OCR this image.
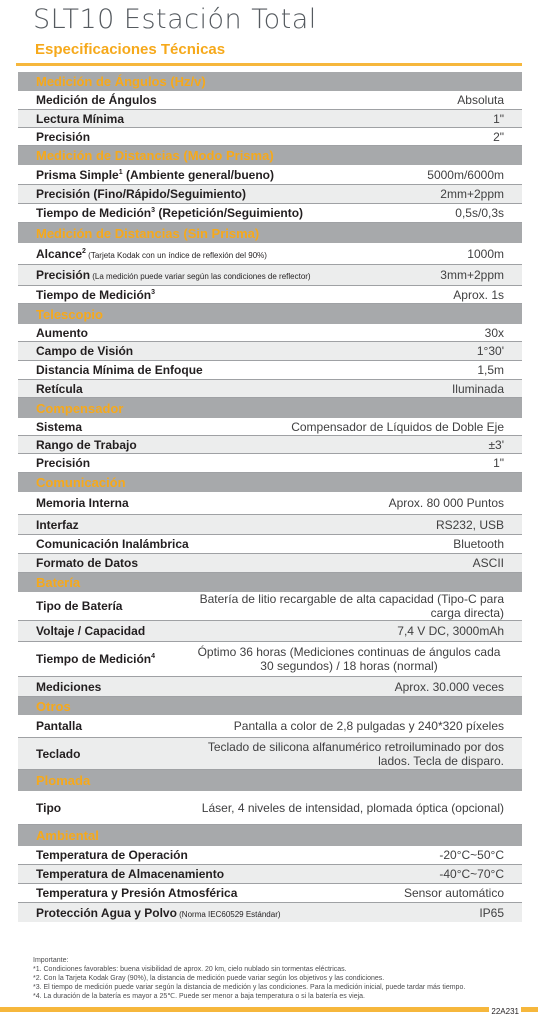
SLT10 Estación Total
Especificaciones Técnicas
Medición de Ángulos (Hz/v)
Medición de Ángulos	Absoluta
Lectura Mínima	1"
Precisión	2"
Medición de Distancias (Modo Prisma)
Prisma Simple$^1$ (Ambiente general/bueno)	5000m/6000m
Precisión (Fino/Rápido/Seguimiento)	2mm+2ppm
Tiempo de Medición$^3$ (Repetición/Seguimiento)	0,5s/0,3s
Medición de Distancias (Sin Prisma)
Alcance$^2$ (Tarjeta Kodak con un índice de reflexión del 90%)	1000m
Precisión (La medición puede variar según las condiciones de reflector)	3mm+2ppm
Tiempo de Medición$^3$	Aprox. 1s
Telescopio
Aumento	30x
Campo de Visión	1°30'
Distancia Mínima de Enfoque	1,5m
Retícula	Iluminada
Compensador
Sistema	Compensador de Líquidos de Doble Eje
Rango de Trabajo	±3'
Precisión	1"
Comunicación
Memoria Interna	Aprox. 80 000 Puntos
Interfaz	RS232, USB
Comunicación Inalámbrica	Bluetooth
Formato de Datos	ASCII
Batería
Tipo de Batería	Batería de litio recargable de alta capacidad (Tipo-C para carga directa)
Voltaje / Capacidad	7,4 V DC, 3000mAh
Tiempo de Medición$^4$	Óptimo 36 horas (Mediciones continuas de ángulos cada 30 segundos) / 18 horas (normal)
Mediciones	Aprox. 30.000 veces
Otros
Pantalla	Pantalla a color de 2,8 pulgadas y 240*320 píxeles
Teclado	Teclado de silicona alfanumérico retroiluminado por dos lados. Tecla de disparo.
Plomada
Tipo	Láser, 4 niveles de intensidad, plomada óptica (opcional)
Ambiental
Temperatura de Operación	-20°C~50°C
Temperatura de Almacenamiento	-40°C~70°C
Temperatura y Presión Atmosférica	Sensor automático
Protección Agua y Polvo (Norma IEC60529 Estándar)	IP65
Importante:
*1. Condiciones favorables: buena visibilidad de aprox. 20 km, cielo nublado sin tormentas eléctricas.
*2. Con la Tarjeta Kodak Gray (90%), la distancia de medición puede variar según los objetivos y las condiciones.
*3. El tiempo de medición puede variar según la distancia de medición y las condiciones. Para la medición inicial, puede tardar más tiempo.
*4. La duración de la batería es mayor a 25℃. Puede ser menor a baja temperatura o si la batería es vieja.
22A231
